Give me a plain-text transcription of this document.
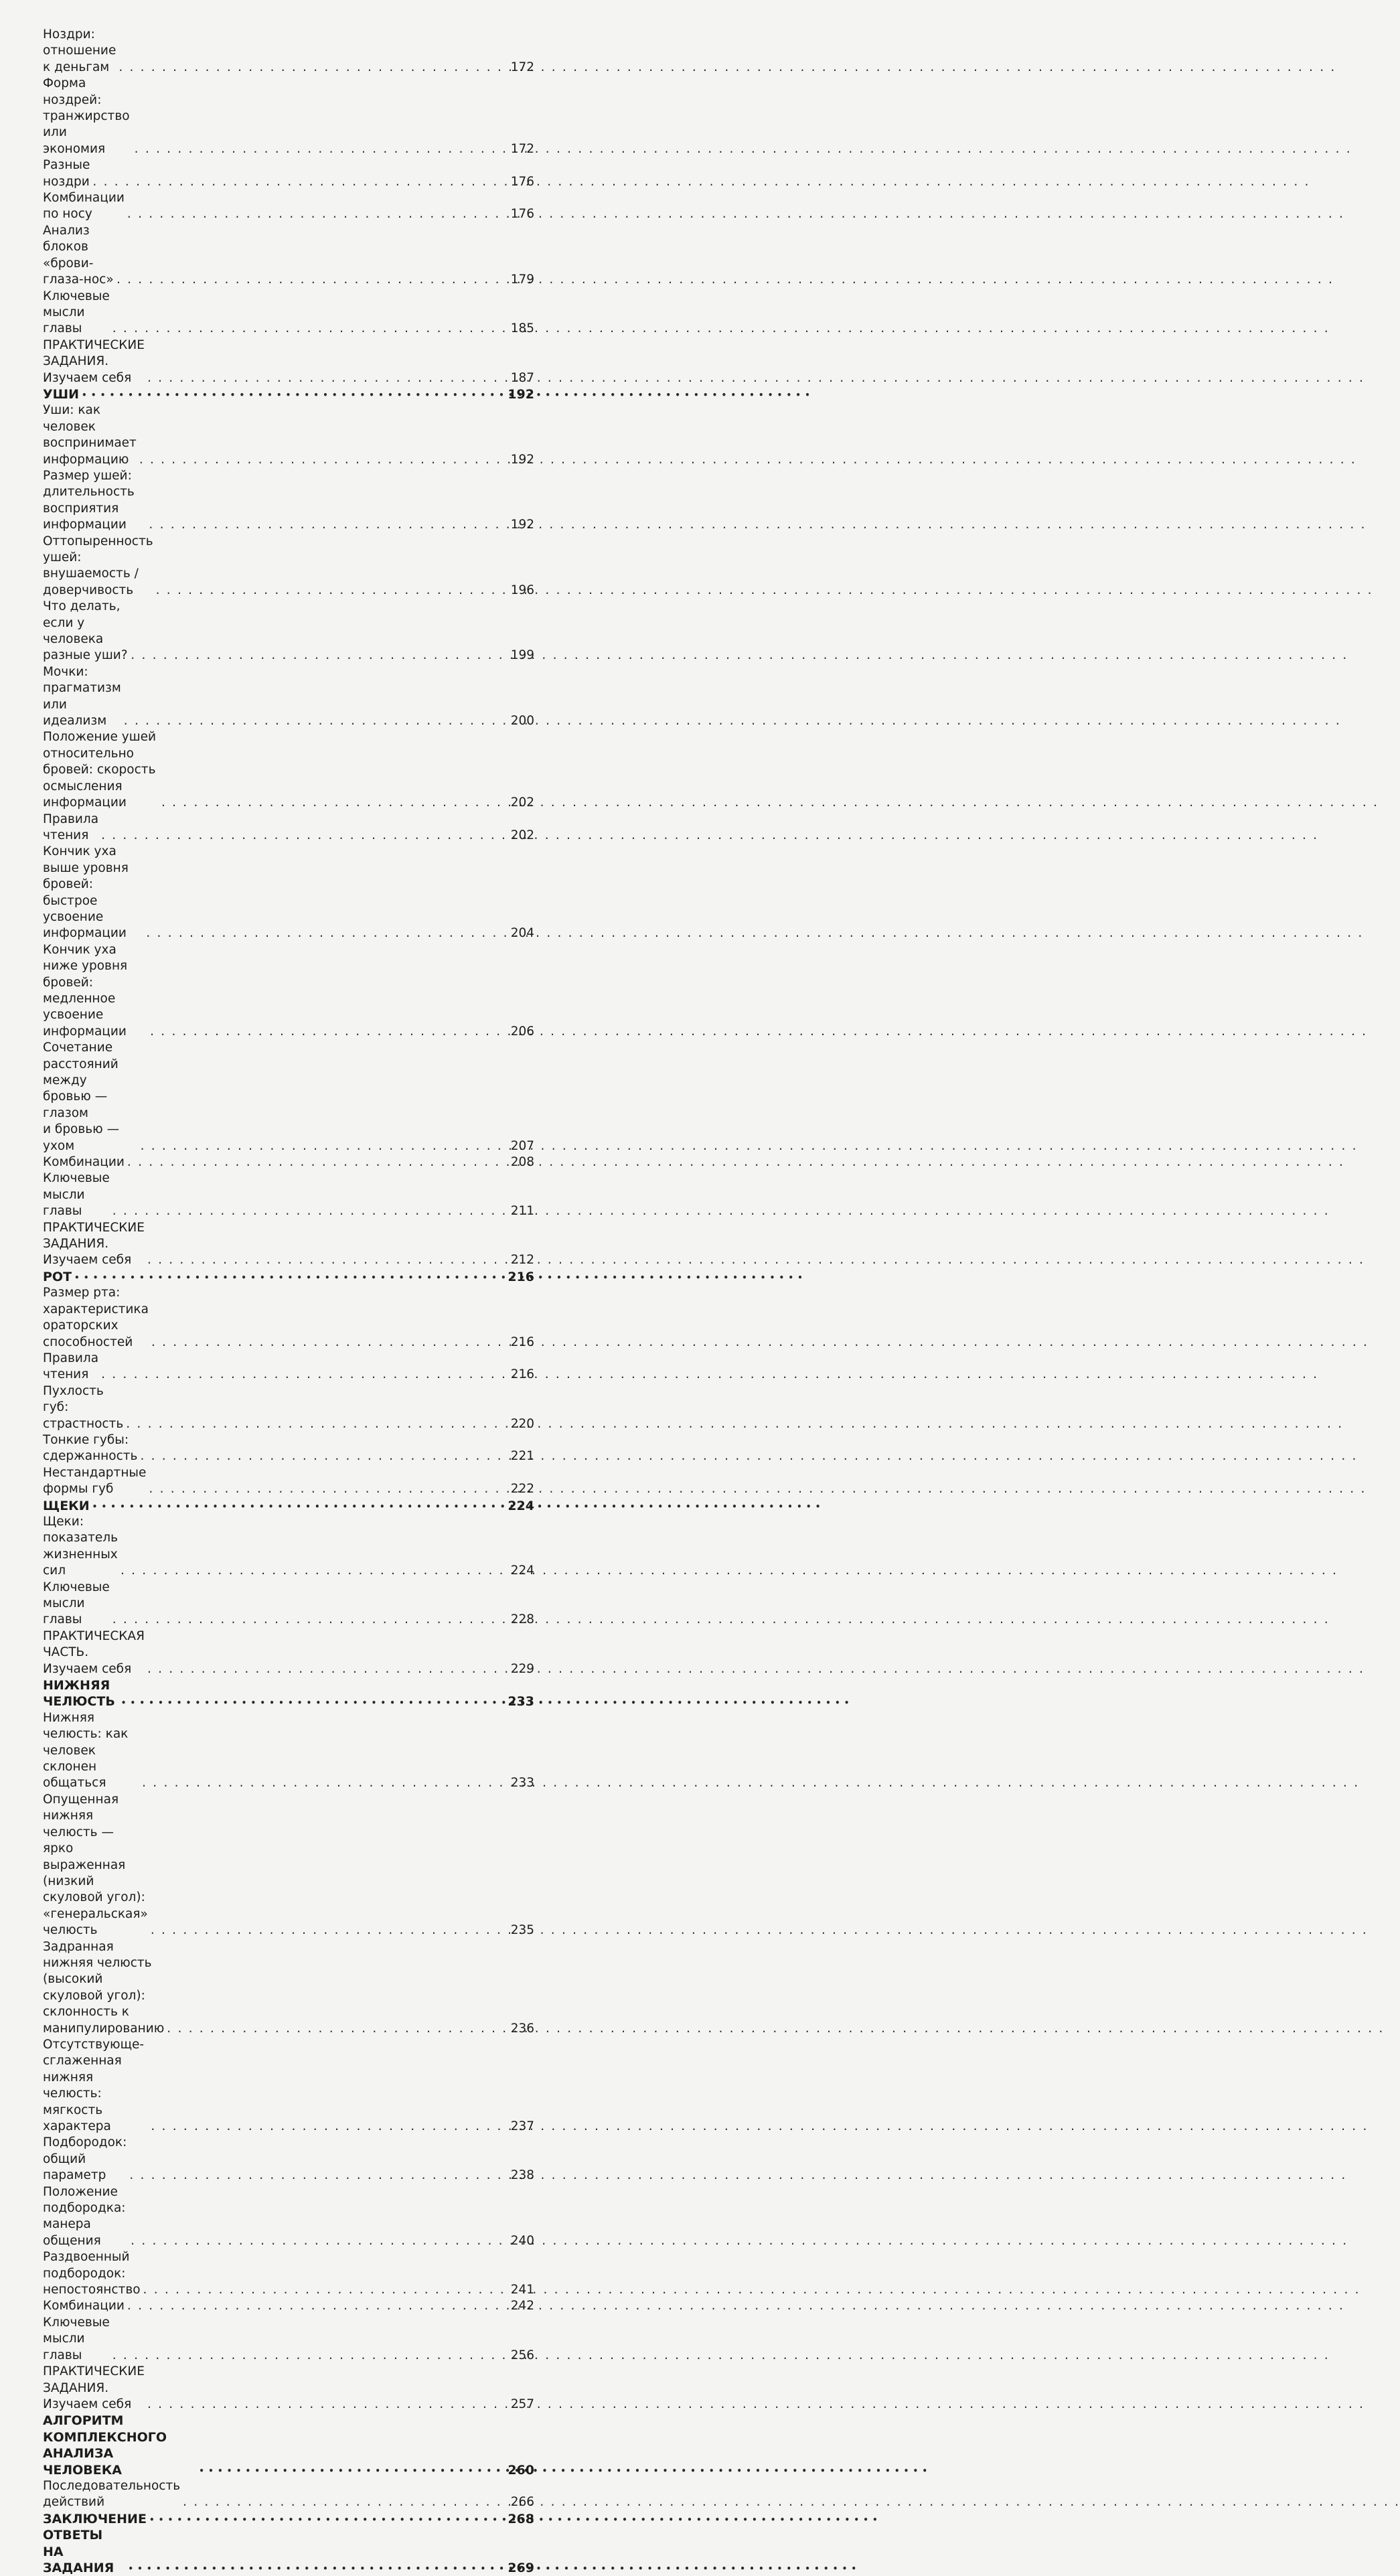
Ноздри: отношение к деньгам . . .	172
Форма ноздрей: транжирство или экономия . . .	172
Разные ноздри . . .	176
Комбинации по носу . . .	176
Анализ блоков «брови-глаза-нос» . . .	179
Ключевые мысли главы . . .	185
ПРАКТИЧЕСКИЕ ЗАДАНИЯ. Изучаем себя . . .	187
УШИ • • •	192
Уши: как человек воспринимает информацию . . .	192
Размер ушей: длительность восприятия информации . . .	192
Оттопыренность ушей: внушаемость / доверчивость . . .	196
Что делать, если у человека разные уши? . . .	199
Мочки: прагматизм или идеализм . . .	200
Положение ушей относительно бровей: скорость осмысления
информации . . .	202
Правила чтения . . .	202
Кончик уха выше уровня бровей: быстрое усвоение
информации . . .	204
Кончик уха ниже уровня бровей: медленное усвоение
информации . . .	206
Сочетание расстояний между бровью — глазом
и бровью — ухом . . .	207
Комбинации . . .	208
Ключевые мысли главы . . .	211
ПРАКТИЧЕСКИЕ ЗАДАНИЯ. Изучаем себя . . .	212
РОТ • • •	216
Размер рта: характеристика ораторских способностей . . .	216
Правила чтения . . .	216
Пухлость губ: страстность . . .	220
Тонкие губы: сдержанность . . .	221
Нестандартные формы губ . . .	222
ЩЕКИ • • •	224
Щеки: показатель жизненных сил . . .	224
Ключевые мысли главы . . .	228
ПРАКТИЧЕСКАЯ ЧАСТЬ. Изучаем себя . . .	229
НИЖНЯЯ ЧЕЛЮСТЬ • • •	233
Нижняя челюсть: как человек склонен общаться . . .	233
Опущенная нижняя челюсть — ярко выраженная
(низкий скуловой угол): «генеральская» челюсть . . .	235
Задранная нижняя челюсть (высокий скуловой угол):
склонность к манипулированию . . .	236
Отсутствующе-сглаженная нижняя челюсть: мягкость
характера . . .	237
Подбородок: общий параметр . . .	238
Положение подбородка: манера общения . . .	240
Раздвоенный подбородок: непостоянство . . .	241
Комбинации . . .	242
Ключевые мысли главы . . .	256
ПРАКТИЧЕСКИЕ ЗАДАНИЯ. Изучаем себя . . .	257
АЛГОРИТМ КОМПЛЕКСНОГО АНАЛИЗА ЧЕЛОВЕКА • • •	260
Последовательность действий . . .	266
ЗАКЛЮЧЕНИЕ • • •	268
ОТВЕТЫ НА ЗАДАНИЯ • • •	269
